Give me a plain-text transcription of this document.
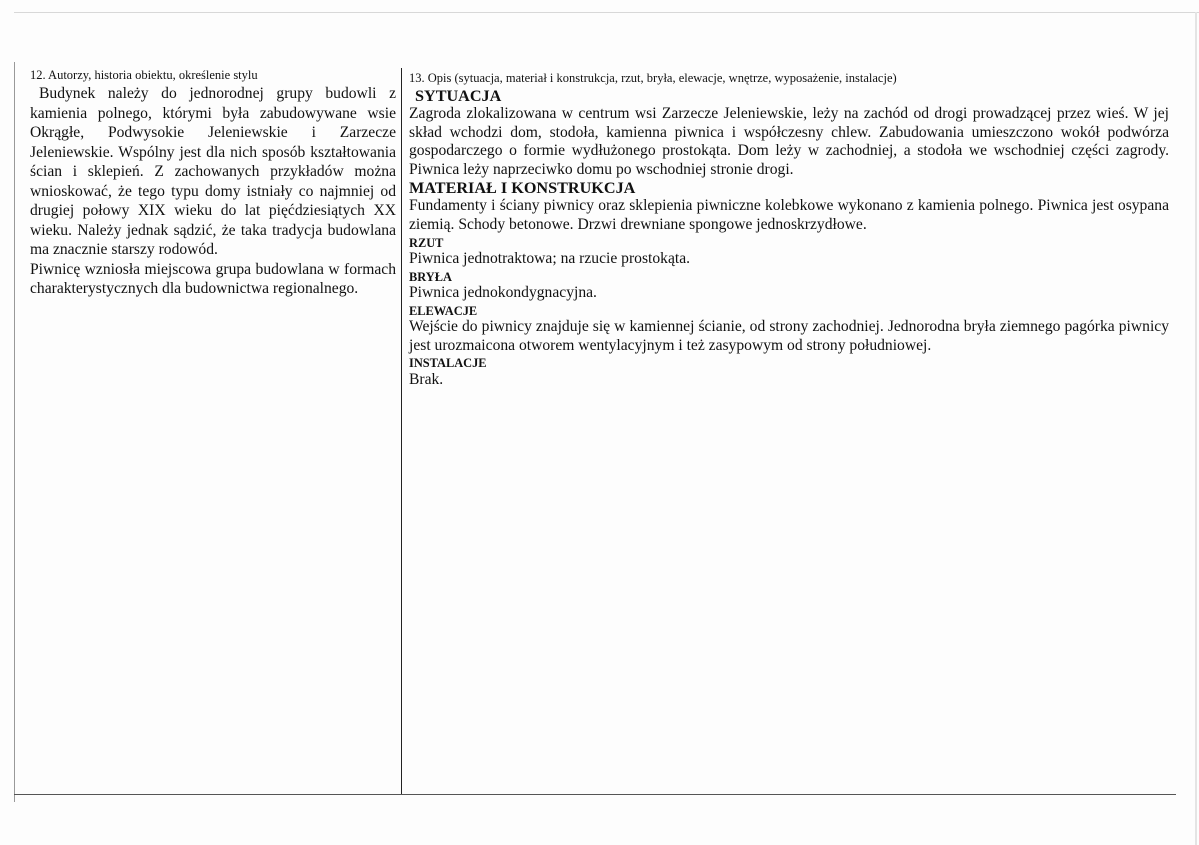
12. Autorzy, historia obiektu, określenie stylu

Budynek należy do jednorodnej grupy budowli z kamienia polnego, którymi była zabudowywane wsie Okrągłe, Podwysokie Jeleniewskie i Zarzecze Jeleniewskie. Wspólny jest dla nich sposób kształtowania ścian i sklepień. Z zachowanych przykładów można wnioskować, że tego typu domy istniały co najmniej od drugiej połowy XIX wieku do lat pięćdziesiątych XX wieku. Należy jednak sądzić, że taka tradycja budowlana ma znacznie starszy rodowód.

Piwnicę wzniosła miejscowa grupa budowlana w formach charakterystycznych dla budownictwa regionalnego.

13. Opis (sytuacja, materiał i konstrukcja, rzut, bryła, elewacje, wnętrze, wyposażenie, instalacje)

SYTUACJA

Zagroda zlokalizowana w centrum wsi Zarzecze Jeleniewskie, leży na zachód od drogi prowadzącej przez wieś. W jej skład wchodzi dom, stodoła, kamienna piwnica i współczesny chlew. Zabudowania umieszczono wokół podwórza gospodarczego o formie wydłużonego prostokąta. Dom leży w zachodniej, a stodoła we wschodniej części zagrody. Piwnica leży naprzeciwko domu po wschodniej stronie drogi.

MATERIAŁ I KONSTRUKCJA

Fundamenty i ściany piwnicy oraz sklepienia piwniczne kolebkowe wykonano z kamienia polnego. Piwnica jest osypana ziemią. Schody betonowe. Drzwi drewniane spongowe jednoskrzydłowe.

RZUT

Piwnica jednotraktowa; na rzucie prostokąta.

BRYŁA

Piwnica jednokondygnacyjna.

ELEWACJE

Wejście do piwnicy znajduje się w kamiennej ścianie, od strony zachodniej. Jednorodna bryła ziemnego pagórka piwnicy jest urozmaicona otworem wentylacyjnym i też zasypowym od strony południowej.

INSTALACJE

Brak.
